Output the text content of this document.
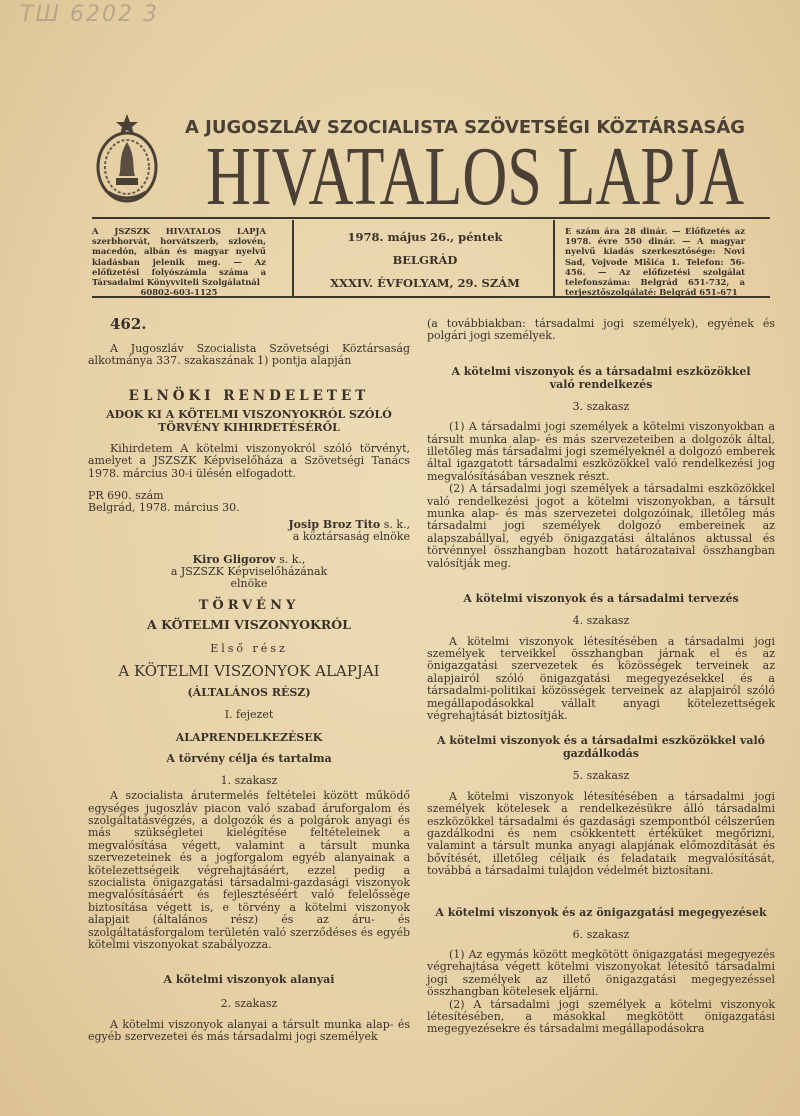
ТШ 6202 3
A JUGOSZLÁV SZOCIALISTA SZÖVETSÉGI KÖZTÁRSASÁG
HIVATALOS LAPJA
A JSZSZK HIVATALOS LAPJA szerbhorvát, horvátszerb, szlovén, macedón, albán és magyar nyelvű kiadásban jelenik meg. — Az előfizetési folyószámla száma a Társadalmi Könyvviteli Szolgálatnál
60802-603-1125
1978. május 26., péntek
BELGRÁD
XXXIV. ÉVFOLYAM, 29. SZÁM
E szám ára 28 dinár. — Előfizetés az 1978. évre 550 dinár. — A magyar nyelvű kiadás szerkesztősége: Novi Sad, Vojvode Mišića 1. Telefon: 56-456. — Az előfizetési szolgálat telefonszáma: Belgrád 651-732, a terjesztőszolgálaté: Belgrád 651-671
462.

A Jugoszláv Szocialista Szövetségi Köztársaság alkotmánya 337. szakaszának 1) pontja alapján

ELNÖKI RENDELETET
ADOK KI A KÖTELMI VISZONYOKRÓL SZÓLÓ TÖRVÉNY KIHIRDETÉSÉRŐL

Kihirdetem A kötelmi viszonyokról szóló törvényt, amelyet a JSZSZK Képviselőháza a Szövetségi Tanács 1978. március 30-i ülésén elfogadott.

PR 690. szám
Belgrád, 1978. március 30.
Josip Broz Tito s. k.,
a köztársaság elnöke
Kiro Gligorov s. k.,
a JSZSZK Képviselőházának
elnöke
TÖRVÉNY
A KÖTELMI VISZONYOKRÓL
Első rész
A KÖTELMI VISZONYOK ALAPJAI
(ÁLTALÁNOS RÉSZ)
I. fejezet
ALAPRENDELKEZÉSEK
A törvény célja és tartalma
1. szakasz

A szocialista árutermelés feltételei között működő egységes jugoszláv piacon való szabad áruforgalom és szolgáltatásvégzés, a dolgozók és a polgárok anyagi és más szükségletei kielégítése feltételeinek a megvalósítása végett, valamint a társult munka szervezeteinek és a jogforgalom egyéb alanyainak a kötelezettségeik végrehajtásáért, ezzel pedig a szocialista önigazgatási társadalmi-gazdasági viszonyok megvalósításáért és fejlesztéséért való felelőssége biztosítása végett is, e törvény a kötelmi viszonyok alapjait (általános rész) és az áru- és szolgáltatásforgalom területén való szerződéses és egyéb kötelmi viszonyokat szabályozza.

A kötelmi viszonyok alanyai
2. szakasz

A kötelmi viszonyok alanyai a társult munka alap- és egyéb szervezetei és más társadalmi jogi személyek

(a továbbiakban: társadalmi jogi személyek), egyének és polgári jogi személyek.
A kötelmi viszonyok és a társadalmi eszközökkel való rendelkezés
3. szakasz

(1) A társadalmi jogi személyek a kötelmi viszonyokban a társult munka alap- és más szervezeteiben a dolgozók által, illetőleg más társadalmi jogi személyeknél a dolgozó emberek által igazgatott társadalmi eszközökkel való rendelkezési jog megvalósításában vesznek részt.

(2) A társadalmi jogi személyek a társadalmi eszközökkel való rendelkezési jogot a kötelmi viszonyokban, a társult munka alap- és más szervezetei dolgozóinak, illetőleg más társadalmi jogi személyek dolgozó embereinek az alapszabállyal, egyéb önigazgatási általános aktussal és törvénnyel összhangban hozott határozataival összhangban valósítják meg.

A kötelmi viszonyok és a társadalmi tervezés
4. szakasz

A kötelmi viszonyok létesítésében a társadalmi jogi személyek terveikkel összhangban járnak el és az önigazgatási szervezetek és közösségek terveinek az alapjairól szóló önigazgatási megegyezésekkel és a társadalmi-politikai közösségek terveinek az alapjairól szóló megállapodásokkal vállalt anyagi kötelezettségek végrehajtását biztosítják.

A kötelmi viszonyok és a társadalmi eszközökkel való gazdálkodás
5. szakasz

A kötelmi viszonyok létesítésében a társadalmi jogi személyek kötelesek a rendelkezésükre álló társadalmi eszközökkel társadalmi és gazdasági szempontból célszerűen gazdálkodni és nem csökkentett értéküket megőrizni, valamint a társult munka anyagi alapjának előmozdítását és bővítését, illetőleg céljaik és feladataik megvalósítását, továbbá a társadalmi tulajdon védelmét biztosítani.

A kötelmi viszonyok és az önigazgatási megegyezések
6. szakasz

(1) Az egymás között megkötött önigazgatási megegyezés végrehajtása végett kötelmi viszonyokat létesítő társadalmi jogi személyek az illető önigazgatási megegyezéssel összhangban kötelesek eljárni.

(2) A társadalmi jogi személyek a kötelmi viszonyok létesítésében, a másokkal megkötött önigazgatási megegyezésekre és társadalmi megállapodásokra
